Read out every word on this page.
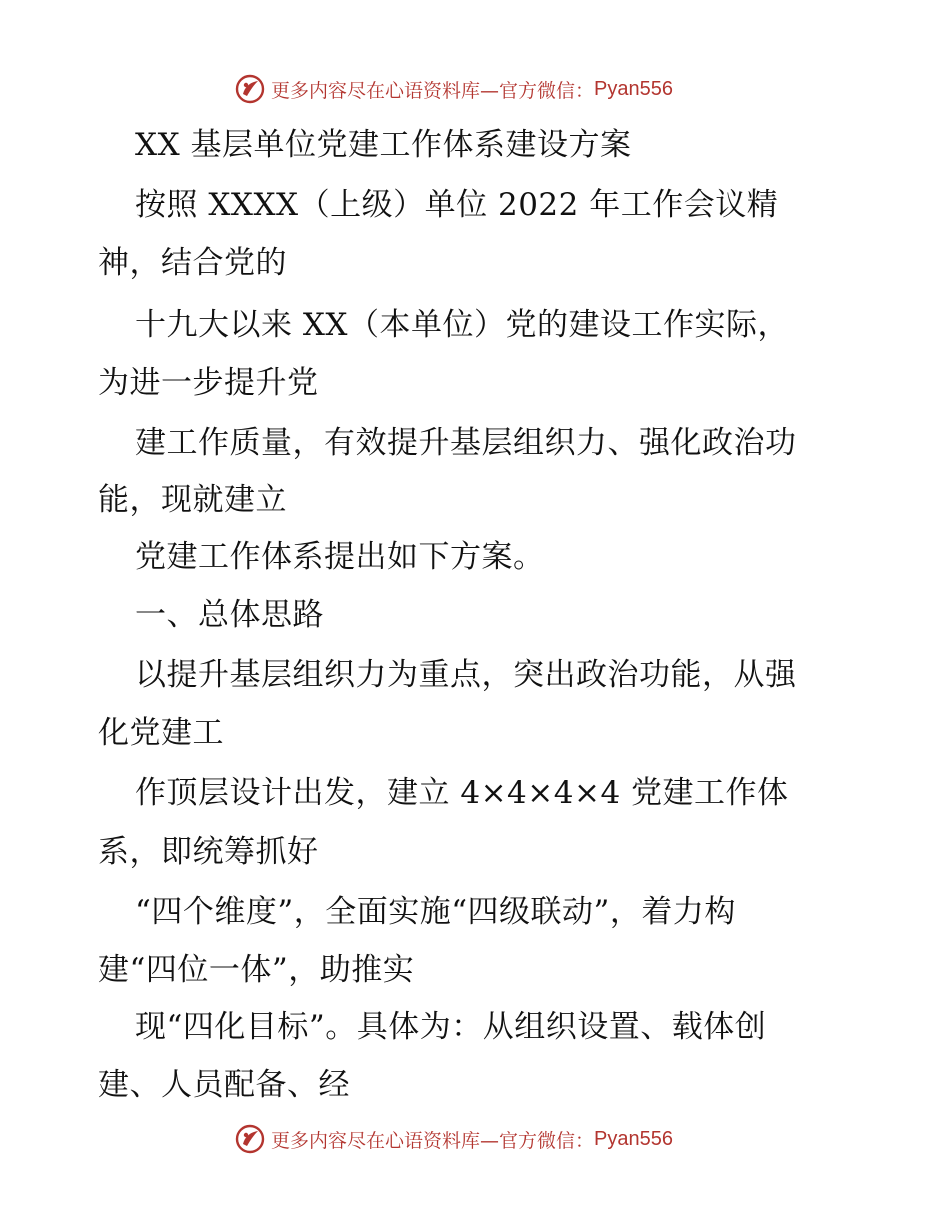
更多内容尽在心语资料库—官方微信： Pyan556
XX 基层单位党建工作体系建设方案
按照 XXXX（上级）单位 2022 年工作会议精
神，结合党的
十九大以来 XX（本单位）党的建设工作实际，
为进一步提升党
建工作质量，有效提升基层组织力、强化政治功
能，现就建立
党建工作体系提出如下方案。
一、总体思路
以提升基层组织力为重点，突出政治功能，从强
化党建工
作顶层设计出发，建立 4×4×4×4 党建工作体
系，即统筹抓好
“四个维度”，全面实施“四级联动”，着力构
建“四位一体”，助推实
现“四化目标”。具体为：从组织设置、载体创
建、人员配备、经
更多内容尽在心语资料库—官方微信： Pyan556
